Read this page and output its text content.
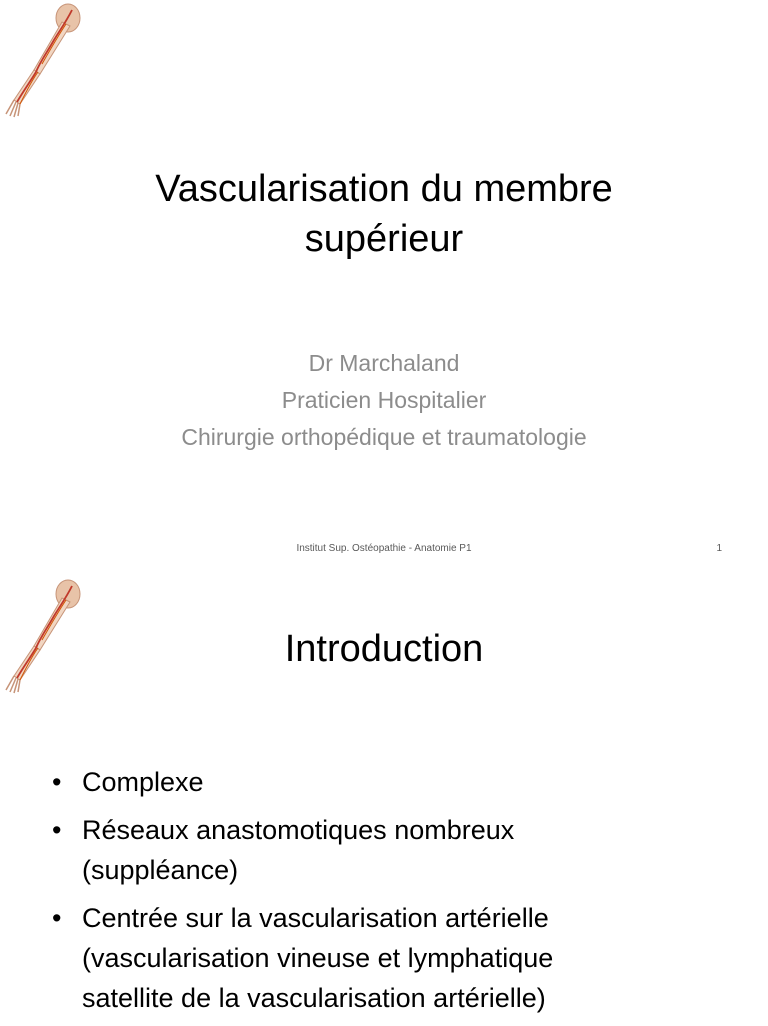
Vascularisation du membre
supérieur
Dr Marchaland
Praticien Hospitalier
Chirurgie orthopédique et traumatologie
Institut Sup. Ostéopathie - Anatomie P1	1
Introduction
• Complexe
• Réseaux anastomotiques nombreux
(suppléance)
• Centrée sur la vascularisation artérielle
(vascularisation vineuse et lymphatique
satellite de la vascularisation artérielle)
